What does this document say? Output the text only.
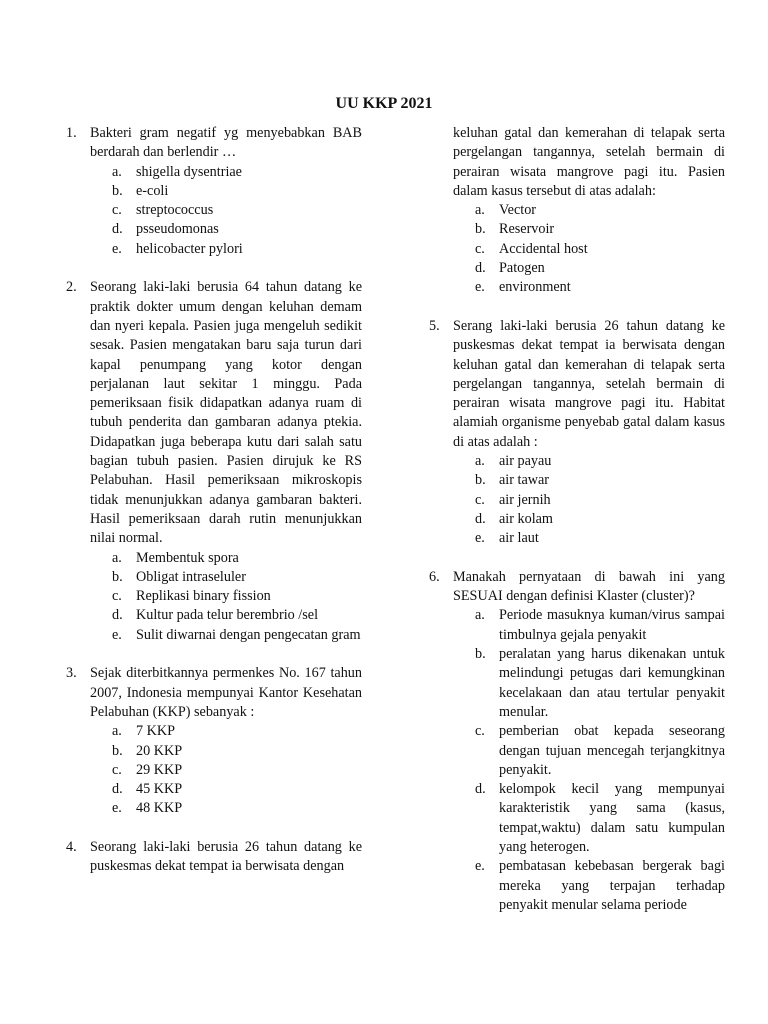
UU KKP 2021
1. Bakteri gram negatif yg menyebabkan BAB berdarah dan berlendir …
a. shigella dysentriae
b. e-coli
c. streptococcus
d. psseudomonas
e. helicobacter pylori
2. Seorang laki-laki berusia 64 tahun datang ke praktik dokter umum dengan keluhan demam dan nyeri kepala. Pasien juga mengeluh sedikit sesak. Pasien mengatakan baru saja turun dari kapal penumpang yang kotor dengan perjalanan laut sekitar 1 minggu. Pada pemeriksaan fisik didapatkan adanya ruam di tubuh penderita dan gambaran adanya ptekia. Didapatkan juga beberapa kutu dari salah satu bagian tubuh pasien. Pasien dirujuk ke RS Pelabuhan. Hasil pemeriksaan mikroskopis tidak menunjukkan adanya gambaran bakteri. Hasil pemeriksaan darah rutin menunjukkan nilai normal.
a. Membentuk spora
b. Obligat intraseluler
c. Replikasi binary fission
d. Kultur pada telur berembrio /sel
e. Sulit diwarnai dengan pengecatan gram
3. Sejak diterbitkannya permenkes No. 167 tahun 2007, Indonesia mempunyai Kantor Kesehatan Pelabuhan (KKP) sebanyak :
a. 7 KKP
b. 20 KKP
c. 29 KKP
d. 45 KKP
e. 48 KKP
4. Seorang laki-laki berusia 26 tahun datang ke puskesmas dekat tempat ia berwisata dengan
keluhan gatal dan kemerahan di telapak serta pergelangan tangannya, setelah bermain di perairan wisata mangrove pagi itu. Pasien dalam kasus tersebut di atas adalah:
a. Vector
b. Reservoir
c. Accidental host
d. Patogen
e. environment
5. Serang laki-laki berusia 26 tahun datang ke puskesmas dekat tempat ia berwisata dengan keluhan gatal dan kemerahan di telapak serta pergelangan tangannya, setelah bermain di perairan wisata mangrove pagi itu. Habitat alamiah organisme penyebab gatal dalam kasus di atas adalah :
a. air payau
b. air tawar
c. air jernih
d. air kolam
e. air laut
6. Manakah pernyataan di bawah ini yang SESUAI dengan definisi Klaster (cluster)?
a. Periode masuknya kuman/virus sampai timbulnya gejala penyakit
b. peralatan yang harus dikenakan untuk melindungi petugas dari kemungkinan kecelakaan dan atau tertular penyakit menular.
c. pemberian obat kepada seseorang dengan tujuan mencegah terjangkitnya penyakit.
d. kelompok kecil yang mempunyai karakteristik yang sama (kasus, tempat,waktu) dalam satu kumpulan yang heterogen.
e. pembatasan kebebasan bergerak bagi mereka yang terpajan terhadap penyakit menular selama periode
